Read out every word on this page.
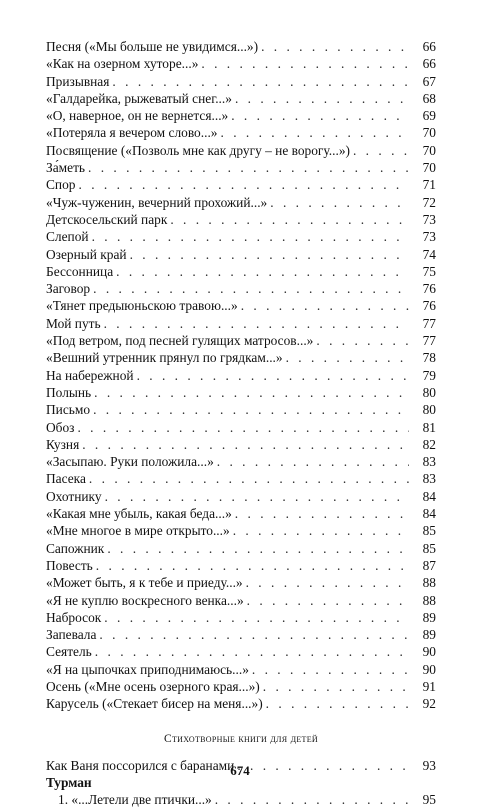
Песня («Мы больше не увидимся...») . . .	66
«Как на озерном хуторе...» . . .	66
Призывная . . .	67
«Галдарейка, рыжеватый снег...» . . .	68
«О, наверное, он не вернется...» . . .	69
«Потеряла я вечером слово...» . . .	70
Посвящение («Позволь мне как другу – не ворогу...») . . .	70
За́меть . . .	70
Спор . . .	71
«Чуж-чуженин, вечерний прохожий...» . . .	72
Детскосельский парк . . .	73
Слепой . . .	73
Озерный край . . .	74
Бессонница . . .	75
Заговор . . .	76
«Тянет предыюньскою травою...» . . .	76
Мой путь . . .	77
«Под ветром, под песней гулящих матросов...» . . .	77
«Вешний утренник прянул по грядкам...» . . .	78
На набережной . . .	79
Полынь . . .	80
Письмо . . .	80
Обоз . . .	81
Кузня . . .	82
«Засыпаю. Руки положила...» . . .	83
Пасека . . .	83
Охотнику . . .	84
«Какая мне убыль, какая беда...» . . .	84
«Мне многое в мире открыто...» . . .	85
Сапожник . . .	85
Повесть . . .	87
«Может быть, я к тебе и приеду...» . . .	88
«Я не куплю воскресного венка...» . . .	88
Набросок . . .	89
Запевала . . .	89
Сеятель . . .	90
«Я на цыпочках приподнимаюсь...» . . .	90
Осень («Мне осень озерного края...») . . .	91
Карусель («Стекает бисер на меня...») . . .	92
Стихотворные книги для детей
Как Ваня поссорился с баранами . . .	93
Турман
1. «...Летели две птички...» . . .	95
674
